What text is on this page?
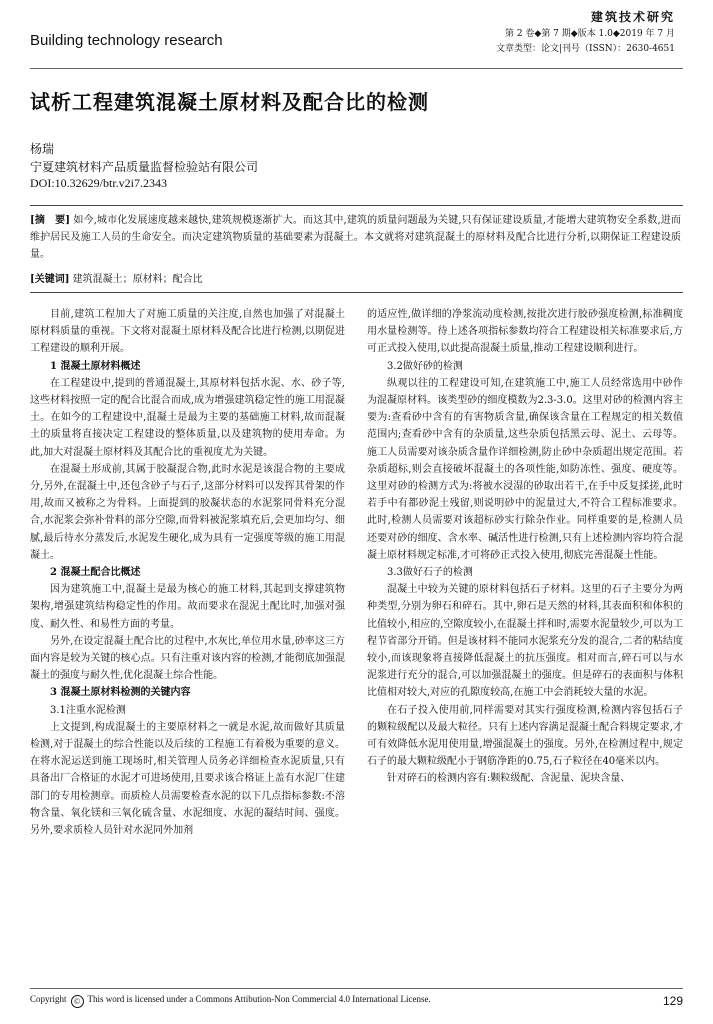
Building technology research
建筑技术研究
第 2 卷◆第 7 期◆版本 1.0◆2019 年 7 月
文章类型：论文|刊号（ISSN）：2630-4651
试析工程建筑混凝土原材料及配合比的检测
杨瑞
宁夏建筑材料产品质量监督检验站有限公司
DOI:10.32629/btr.v2i7.2343
[摘　要] 如今,城市化发展速度越来越快,建筑规模逐渐扩大。而这其中,建筑的质量问题最为关键,只有保证建设质量,才能增大建筑物安全系数,进而维护居民及施工人员的生命安全。而决定建筑物质量的基础要素为混凝土。本文就将对建筑混凝土的原材料及配合比进行分析,以期保证工程建设质量。
[关键词] 建筑混凝土；原材料；配合比

目前,建筑工程加大了对施工质量的关注度,自然也加强了对混凝土原材料质量的重视。下文将对混凝土原材料及配合比进行检测,以期促进工程建设的顺利开展。

1 混凝土原材料概述

在工程建设中,提到的普通混凝土,其原材料包括水泥、水、砂子等,这些材料按照一定的配合比混合而成,成为增强建筑稳定性的施工用混凝土。在如今的工程建设中,混凝土是最为主要的基础施工材料,故而混凝土的质量将直接决定工程建设的整体质量,以及建筑物的使用寿命。为此,加大对混凝土原材料及其配合比的重视度尤为关键。

在混凝土形成前,其属于胶凝混合物,此时水泥是该混合物的主要成分,另外,在混凝土中,还包含砂子与石子,这部分材料可以发挥其骨架的作用,故而又被称之为骨料。上面提到的胶凝状态的水泥浆同骨料充分混合,水泥浆会弥补骨料的部分空隙,而骨料被泥浆填充后,会更加均匀、细腻,最后待水分蒸发后,水泥发生硬化,成为具有一定强度等级的施工用混凝土。

2 混凝土配合比概述

因为建筑施工中,混凝土是最为核心的施工材料,其起到支撑建筑物架构,增强建筑结构稳定性的作用。故而要求在混泥土配比时,加强对强度、耐久性、和易性方面的考量。

另外,在设定混凝土配合比的过程中,水灰比,单位用水量,砂率这三方面内容是较为关键的核心点。只有注重对该内容的检测,才能彻底加强混凝土的强度与耐久性,优化混凝土综合性能。

3 混凝土原材料检测的关键内容
3.1注重水泥检测

上文提到,构成混凝土的主要原材料之一就是水泥,故而做好其质量检测,对于混凝土的综合性能以及后续的工程施工有着极为重要的意义。在将水泥运送到施工现场时,相关管理人员务必详细检查水泥质量,只有具备出厂合格证的水泥才可进场使用,且要求该合格证上盖有水泥厂住建部门的专用检测章。而质检人员需要检查水泥的以下几点指标参数:不溶物含量、氧化镁和三氧化硫含量、水泥细度、水泥的凝结时间、强度。另外,要求质检人员针对水泥同外加剂

的适应性,做详细的净浆流动度检测,按批次进行胶砂强度检测,标准稠度用水量检测等。待上述各项指标参数均符合工程建设相关标准要求后,方可正式投入使用,以此提高混凝土质量,推动工程建设顺利进行。

3.2做好砂的检测

纵观以往的工程建设可知,在建筑施工中,施工人员经常选用中砂作为混凝原材料。该类型砂的细度模数为2.3-3.0。这里对砂的检测内容主要为:查看砂中含有的有害物质含量,确保该含量在工程规定的相关数值范围内;查看砂中含有的杂质量,这些杂质包括黑云母、泥土、云母等。施工人员需要对该杂质含量作详细检测,防止砂中杂质超出规定范围。若杂质超标,则会直接破坏混凝土的各项性能,如防冻性、强度、硬度等。这里对砂的检测方式为:将被水浸湿的砂取出若干,在手中反复揉搓,此时若手中有都砂泥土残留,则说明砂中的泥量过大,不符合工程标准要求。此时,检测人员需要对该超标砂实行除杂作业。同样重要的是,检测人员还要对砂的细度、含水率、碱活性进行检测,只有上述检测内容均符合混凝土原材料规定标准,才可将砂正式投入使用,彻底完善混凝土性能。

3.3做好石子的检测

混凝土中较为关键的原材料包括石子材料。这里的石子主要分为两种类型,分别为卵石和碎石。其中,卵石是天然的材料,其表面积和体积的比值较小,相应的,空隙度较小,在混凝土拌和时,需要水泥量较少,可以为工程节省部分开销。但是该材料不能同水泥浆充分发的混合,二者的粘结度较小,而该现象将直接降低混凝土的抗压强度。相对而言,碎石可以与水泥浆进行充分的混合,可以加强混凝土的强度。但是碎石的表面积与体积比值相对较大,对应的孔隙度较高,在施工中会消耗较大量的水泥。

在石子投入使用前,同样需要对其实行强度检测,检测内容包括石子的颗粒级配以及最大粒径。只有上述内容满足混凝土配合料规定要求,才可有效降低水泥用使用量,增强混凝土的强度。另外,在检测过程中,规定石子的最大颗粒级配小于钢筋净距的0.75,石子粒径在40毫米以内。

针对碎石的检测内容有:颗粒级配、含泥量、泥块含量、

Copyright © This word is licensed under a Commons Attibution-Non Commercial 4.0 International License.	129
